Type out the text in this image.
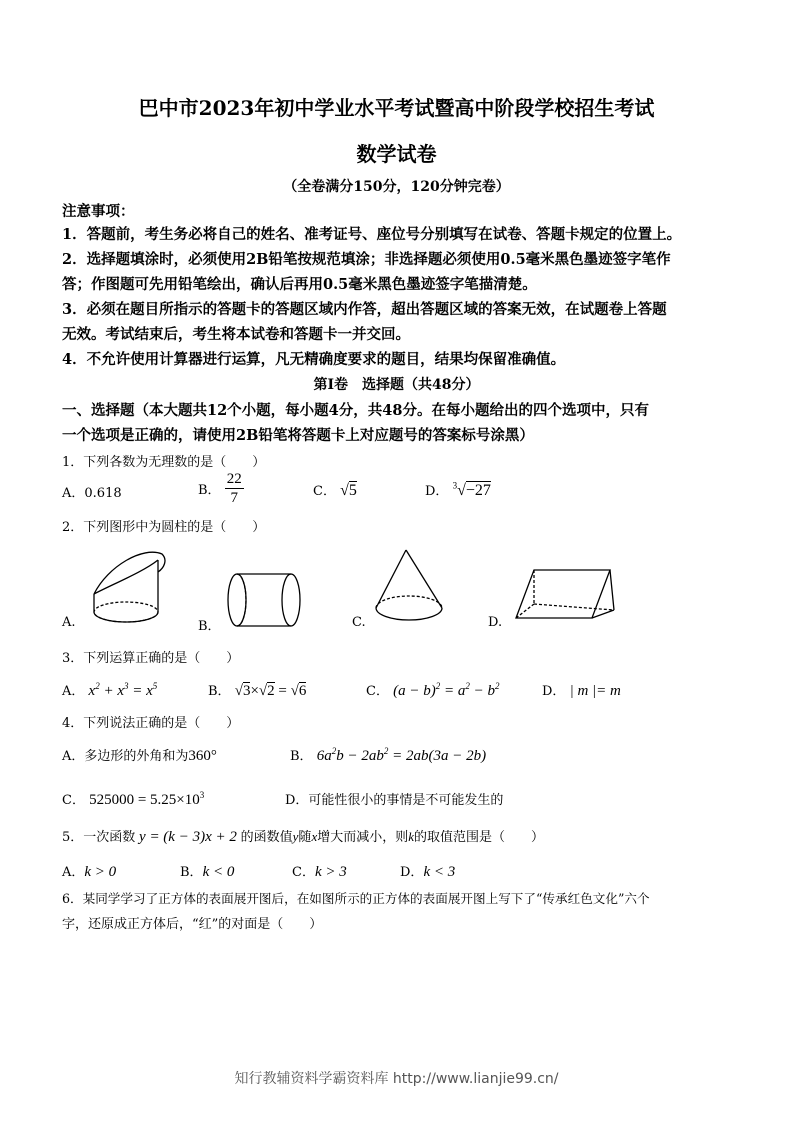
巴中市2023年初中学业水平考试暨高中阶段学校招生考试
数学试卷
（全卷满分150分，120分钟完卷）
注意事项：
1．答题前，考生务必将自己的姓名、准考证号、座位号分别填写在试卷、答题卡规定的位置上。
2．选择题填涂时，必须使用2B铅笔按规范填涂；非选择题必须使用0.5毫米黑色墨迹签字笔作
答；作图题可先用铅笔绘出，确认后再用0.5毫米黑色墨迹签字笔描清楚。
3．必须在题目所指示的答题卡的答题区域内作答，超出答题区域的答案无效，在试题卷上答题
无效。考试结束后，考生将本试卷和答题卡一并交回。
4．不允许使用计算器进行运算，凡无精确度要求的题目，结果均保留准确值。
第Ⅰ卷　选择题（共48分）
一、选择题（本大题共12个小题，每小题4分，共48分。在每小题给出的四个选项中，只有
一个选项是正确的，请使用2B铅笔将答题卡上对应题号的答案标号涂黑）
1．下列各数为无理数的是（　　）
A．0.618	B． $\frac{22}{7}$	C． √5	D． $^3$√−27
2．下列图形中为圆柱的是（　　）
A.	B．	C.	D.
3．下列运算正确的是（　　）
A． $x^2 + x^3 = x^5$	B． √3×√2 = √6	C． $(a - b)^2 = a^2 - b^2$	D． | m |= m
4．下列说法正确的是（　　）
A．多边形的外角和为360°	B． $6a^2b - 2ab^2 = 2ab(3a - 2b)$
C． $525000 = 5.25\times 10^3$	D．可能性很小的事情是不可能发生的
5．一次函数 y = (k − 3)x + 2 的函数值y随x增大而减小，则k的取值范围是（　　）
A．k > 0	B．k < 0	C．k > 3	D．k < 3
6．某同学学习了正方体的表面展开图后，在如图所示的正方体的表面展开图上写下了“传承红色文化”六个
字，还原成正方体后，“红”的对面是（　　）
知行教辅资料学霸资料库 http://www.lianjie99.cn/
